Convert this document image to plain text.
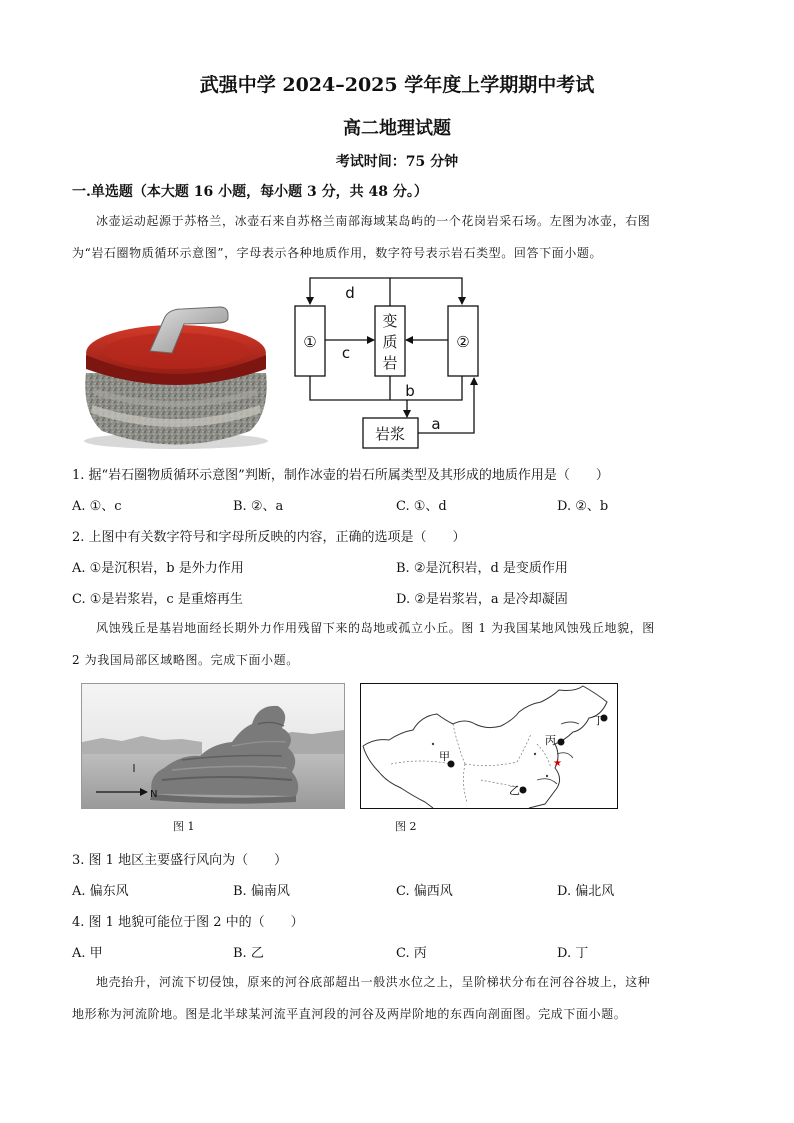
武强中学 2024–2025 学年度上学期期中考试
高二地理试题
考试时间：75 分钟
一.单选题（本大题 16 小题，每小题 3 分，共 48 分。）
冰壶运动起源于苏格兰，冰壶石来自苏格兰南部海域某岛屿的一个花岗岩采石场。左图为冰壶，右图
为“岩石圈物质循环示意图”，字母表示各种地质作用，数字符号表示岩石类型。回答下面小题。
①	②
变
质
岩
岩浆
d
c
b
a
1. 据“岩石圈物质循环示意图”判断，制作冰壶的岩石所属类型及其形成的地质作用是（　　）
A. ①、c	B. ②、a	C. ①、d	D. ②、b
2. 上图中有关数字符号和字母所反映的内容，正确的选项是（　　）
A. ①是沉积岩，b 是外力作用	B. ②是沉积岩，d 是变质作用
C. ①是岩浆岩，c 是重熔再生	D. ②是岩浆岩，a 是冷却凝固
风蚀残丘是基岩地面经长期外力作用残留下来的岛地或孤立小丘。图 1 为我国某地风蚀残丘地貌，图
2 为我国局部区域略图。完成下面小题。
N
图 1
★
甲
乙
丙
丁
图 2
3. 图 1 地区主要盛行风向为（　　）
A. 偏东风	B. 偏南风	C. 偏西风	D. 偏北风
4. 图 1 地貌可能位于图 2 中的（　　）
A. 甲	B. 乙	C. 丙	D. 丁
地壳抬升，河流下切侵蚀，原来的河谷底部超出一般洪水位之上，呈阶梯状分布在河谷谷坡上，这种
地形称为河流阶地。图是北半球某河流平直河段的河谷及两岸阶地的东西向剖面图。完成下面小题。
